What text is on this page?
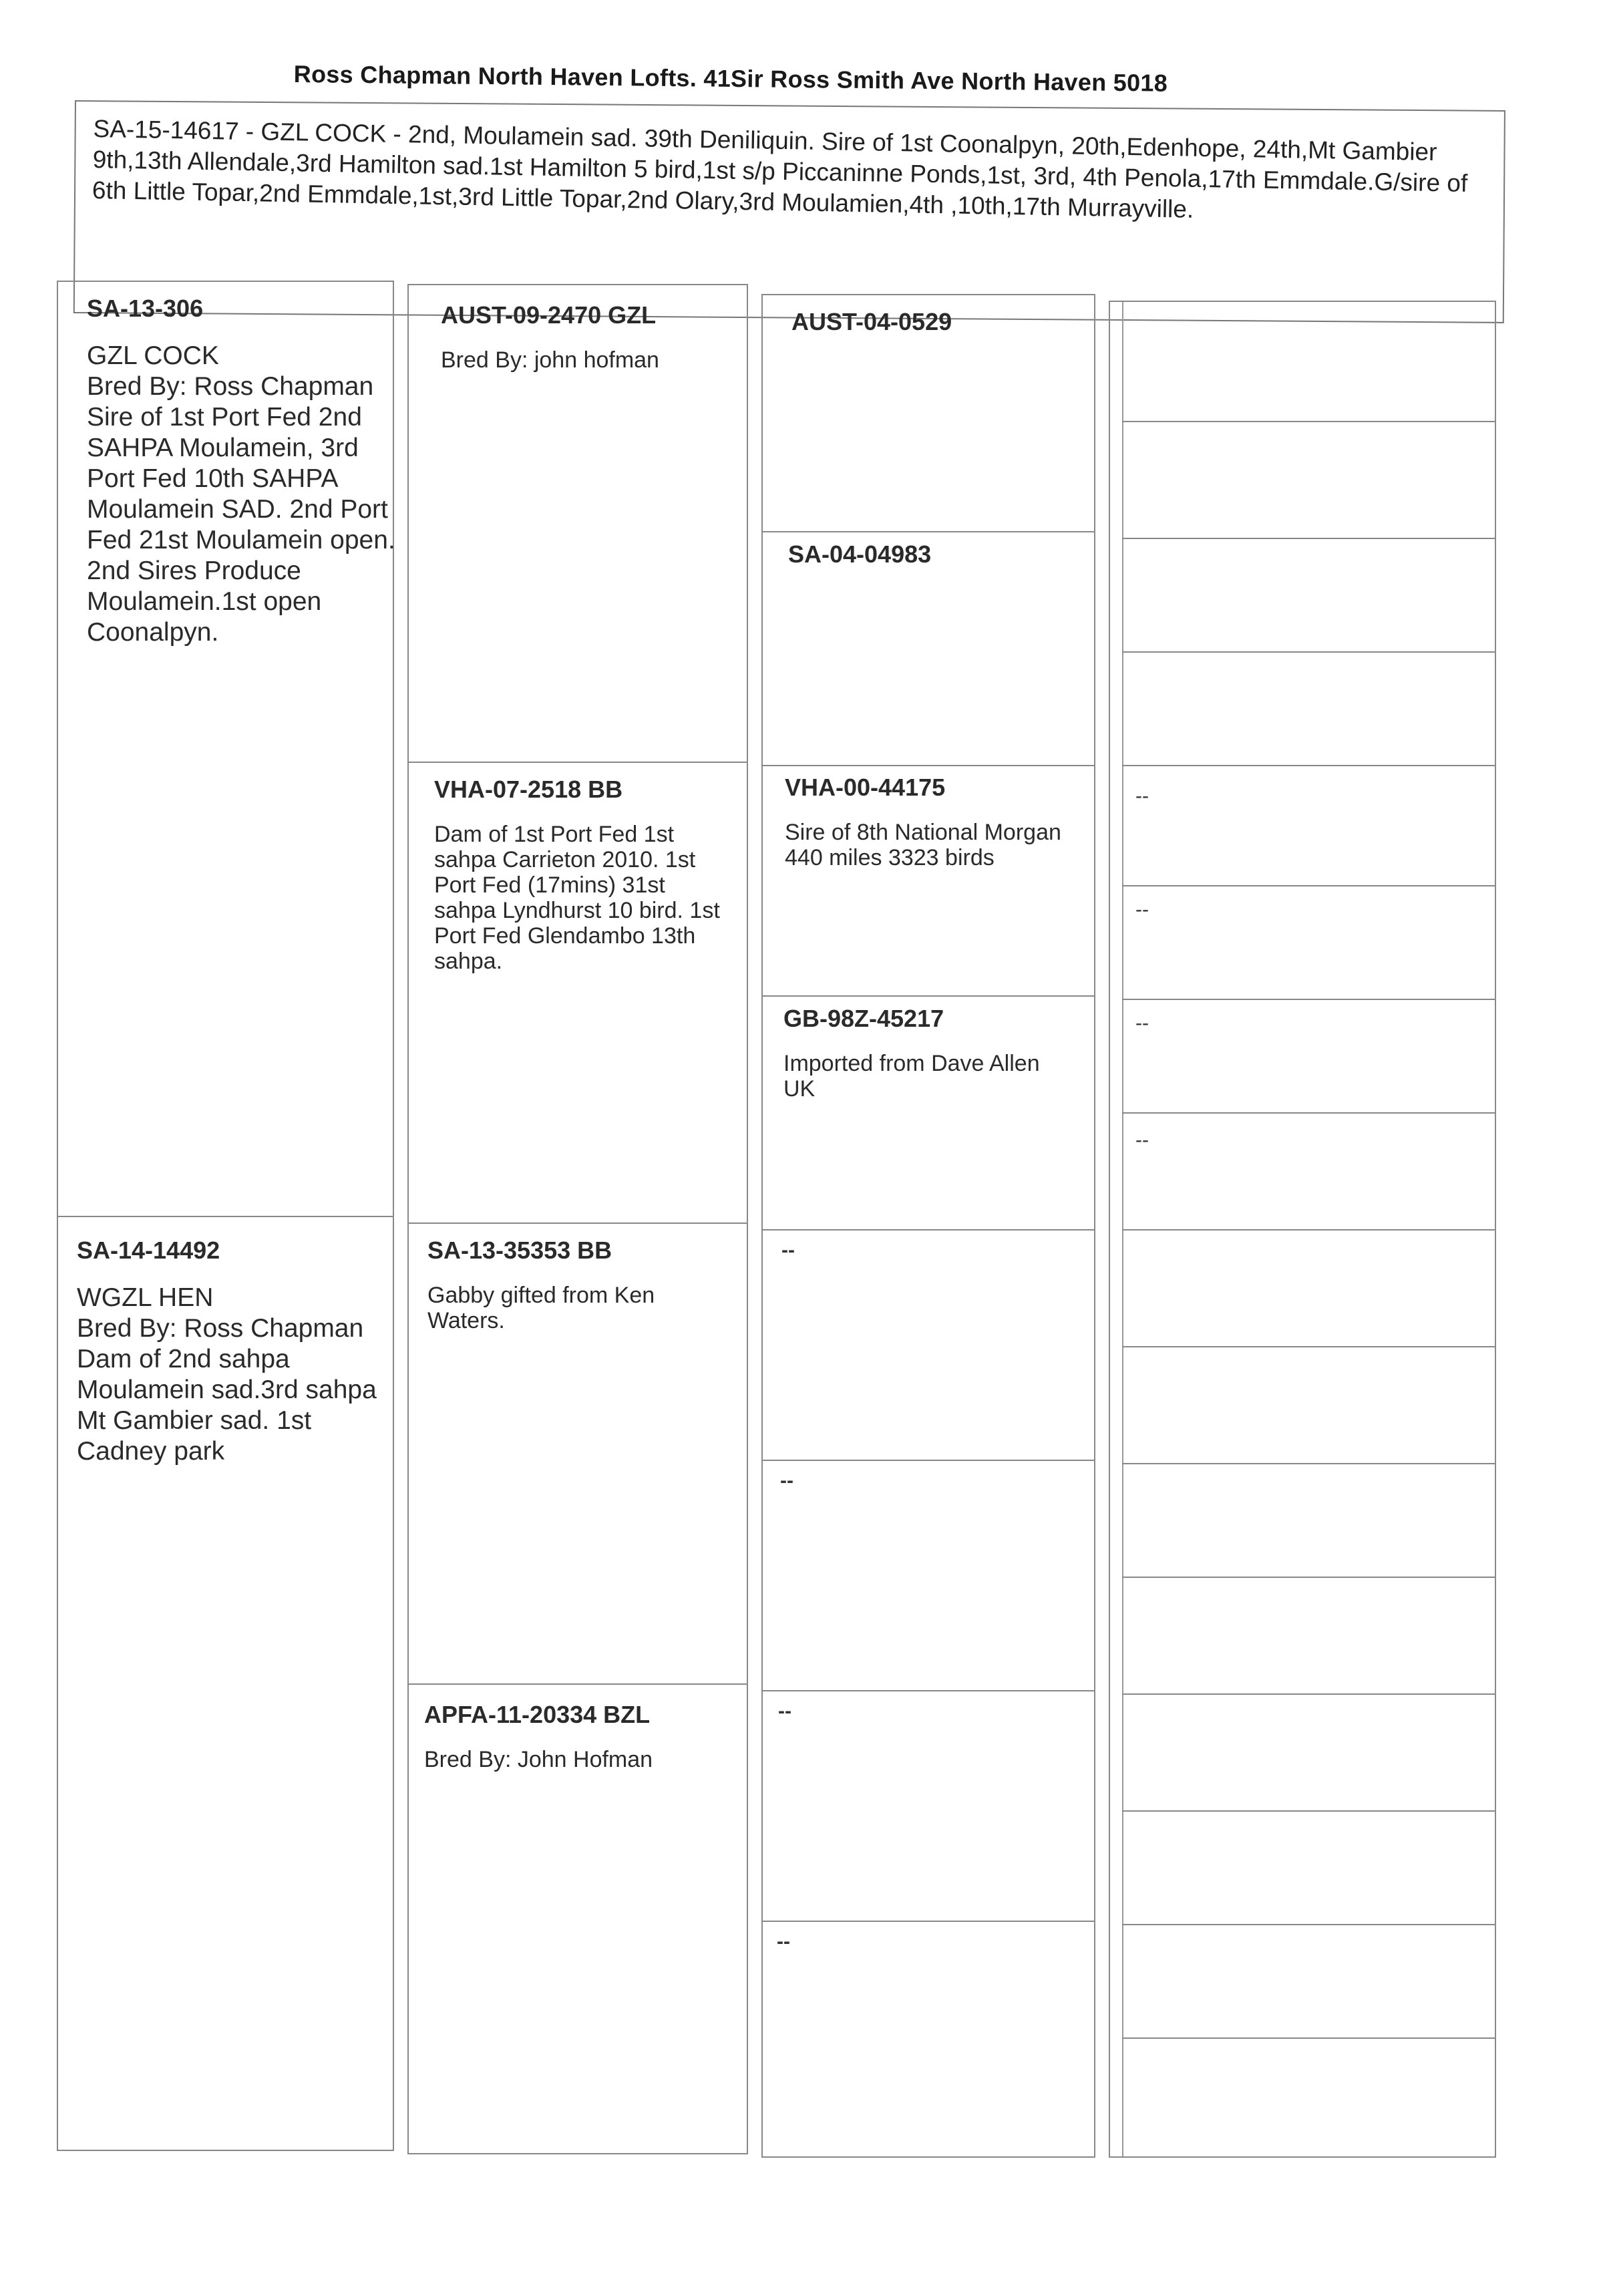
Ross Chapman North Haven Lofts. 41Sir Ross Smith Ave North Haven 5018
SA-15-14617 - GZL COCK - 2nd, Moulamein sad. 39th Deniliquin. Sire of 1st Coonalpyn, 20th,Edenhope, 24th,Mt Gambier 9th,13th Allendale,3rd Hamilton sad.1st Hamilton 5 bird,1st s/p Piccaninne Ponds,1st, 3rd, 4th Penola,17th Emmdale.G/sire of 6th Little Topar,2nd Emmdale,1st,3rd Little Topar,2nd Olary,3rd Moulamien,4th ,10th,17th Murrayville.
SA-13-306
GZL COCK
Bred By: Ross Chapman
Sire of 1st Port Fed 2nd SAHPA Moulamein, 3rd Port Fed 10th SAHPA Moulamein SAD. 2nd Port Fed 21st Moulamein open. 2nd Sires Produce Moulamein.1st open Coonalpyn.
SA-14-14492
WGZL HEN
Bred By: Ross Chapman
Dam of 2nd sahpa Moulamein sad.3rd sahpa Mt Gambier sad. 1st Cadney park
AUST-09-2470 GZL
Bred By: john hofman
VHA-07-2518 BB
Dam of 1st Port Fed 1st sahpa Carrieton 2010. 1st Port Fed (17mins) 31st sahpa Lyndhurst 10 bird. 1st Port Fed Glendambo 13th sahpa.
SA-13-35353 BB
Gabby gifted from Ken Waters.
APFA-11-20334 BZL
Bred By: John Hofman
AUST-04-0529
SA-04-04983
VHA-00-44175
Sire of 8th National Morgan 440 miles 3323 birds
GB-98Z-45217
Imported from Dave Allen UK
--
--
--
--
--
--
--
--
